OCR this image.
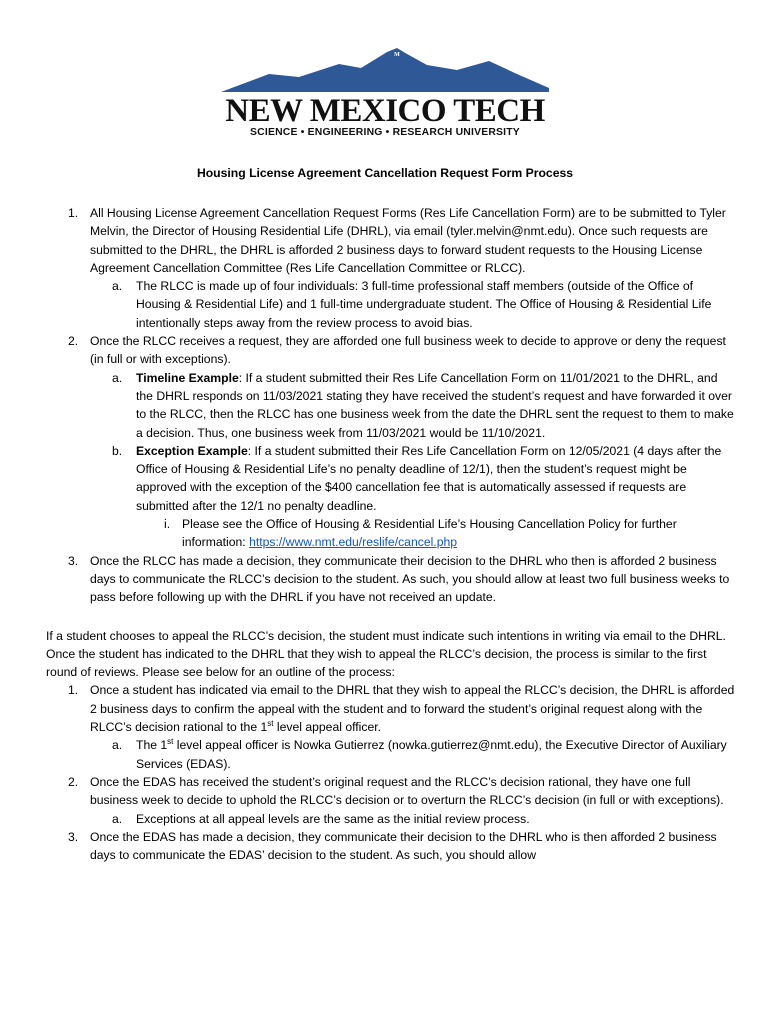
M
NEW MEXICO TECH
SCIENCE • ENGINEERING • RESEARCH UNIVERSITY
Housing License Agreement Cancellation Request Form Process
1. All Housing License Agreement Cancellation Request Forms (Res Life Cancellation Form) are to be submitted to Tyler Melvin, the Director of Housing Residential Life (DHRL), via email (tyler.melvin@nmt.edu). Once such requests are submitted to the DHRL, the DHRL is afforded 2 business days to forward student requests to the Housing License Agreement Cancellation Committee (Res Life Cancellation Committee or RLCC).
a. The RLCC is made up of four individuals: 3 full-time professional staff members (outside of the Office of Housing & Residential Life) and 1 full-time undergraduate student. The Office of Housing & Residential Life intentionally steps away from the review process to avoid bias.
2. Once the RLCC receives a request, they are afforded one full business week to decide to approve or deny the request (in full or with exceptions).
a. Timeline Example: If a student submitted their Res Life Cancellation Form on 11/01/2021 to the DHRL, and the DHRL responds on 11/03/2021 stating they have received the student’s request and have forwarded it over to the RLCC, then the RLCC has one business week from the date the DHRL sent the request to them to make a decision. Thus, one business week from 11/03/2021 would be 11/10/2021.
b. Exception Example: If a student submitted their Res Life Cancellation Form on 12/05/2021 (4 days after the Office of Housing & Residential Life’s no penalty deadline of 12/1), then the student’s request might be approved with the exception of the $400 cancellation fee that is automatically assessed if requests are submitted after the 12/1 no penalty deadline.
i. Please see the Office of Housing & Residential Life’s Housing Cancellation Policy for further information: https://www.nmt.edu/reslife/cancel.php
3. Once the RLCC has made a decision, they communicate their decision to the DHRL who then is afforded 2 business days to communicate the RLCC’s decision to the student. As such, you should allow at least two full business weeks to pass before following up with the DHRL if you have not received an update.
If a student chooses to appeal the RLCC’s decision, the student must indicate such intentions in writing via email to the DHRL. Once the student has indicated to the DHRL that they wish to appeal the RLCC’s decision, the process is similar to the first round of reviews. Please see below for an outline of the process:
1. Once a student has indicated via email to the DHRL that they wish to appeal the RLCC’s decision, the DHRL is afforded 2 business days to confirm the appeal with the student and to forward the student’s original request along with the RLCC’s decision rational to the 1st level appeal officer.
a. The 1st level appeal officer is Nowka Gutierrez (nowka.gutierrez@nmt.edu), the Executive Director of Auxiliary Services (EDAS).
2. Once the EDAS has received the student’s original request and the RLCC’s decision rational, they have one full business week to decide to uphold the RLCC’s decision or to overturn the RLCC’s decision (in full or with exceptions).
a. Exceptions at all appeal levels are the same as the initial review process.
3. Once the EDAS has made a decision, they communicate their decision to the DHRL who is then afforded 2 business days to communicate the EDAS’ decision to the student. As such, you should allow
